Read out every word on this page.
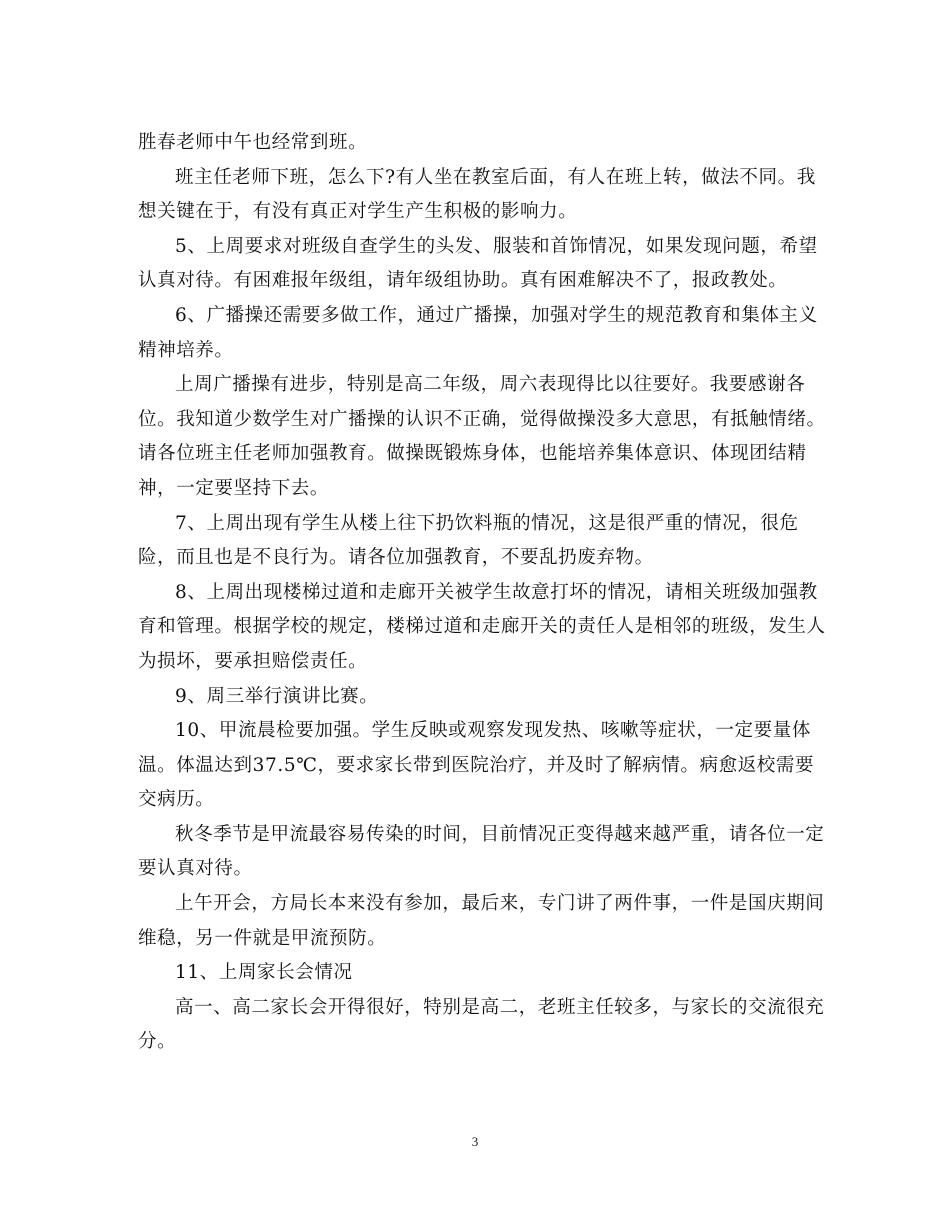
胜春老师中午也经常到班。
班主任老师下班，怎么下?有人坐在教室后面，有人在班上转，做法不同。我
想关键在于，有没有真正对学生产生积极的影响力。
5、上周要求对班级自查学生的头发、服装和首饰情况，如果发现问题，希望
认真对待。有困难报年级组，请年级组协助。真有困难解决不了，报政教处。
6、广播操还需要多做工作，通过广播操，加强对学生的规范教育和集体主义
精神培养。
上周广播操有进步，特别是高二年级，周六表现得比以往要好。我要感谢各
位。我知道少数学生对广播操的认识不正确，觉得做操没多大意思，有抵触情绪。
请各位班主任老师加强教育。做操既锻炼身体，也能培养集体意识、体现团结精
神，一定要坚持下去。
7、上周出现有学生从楼上往下扔饮料瓶的情况，这是很严重的情况，很危
险，而且也是不良行为。请各位加强教育，不要乱扔废弃物。
8、上周出现楼梯过道和走廊开关被学生故意打坏的情况，请相关班级加强教
育和管理。根据学校的规定，楼梯过道和走廊开关的责任人是相邻的班级，发生人
为损坏，要承担赔偿责任。
9、周三举行演讲比赛。
10、甲流晨检要加强。学生反映或观察发现发热、咳嗽等症状，一定要量体
温。体温达到37.5℃，要求家长带到医院治疗，并及时了解病情。病愈返校需要
交病历。
秋冬季节是甲流最容易传染的时间，目前情况正变得越来越严重，请各位一定
要认真对待。
上午开会，方局长本来没有参加，最后来，专门讲了两件事，一件是国庆期间
维稳，另一件就是甲流预防。
11、上周家长会情况
高一、高二家长会开得很好，特别是高二，老班主任较多，与家长的交流很充
分。
3
